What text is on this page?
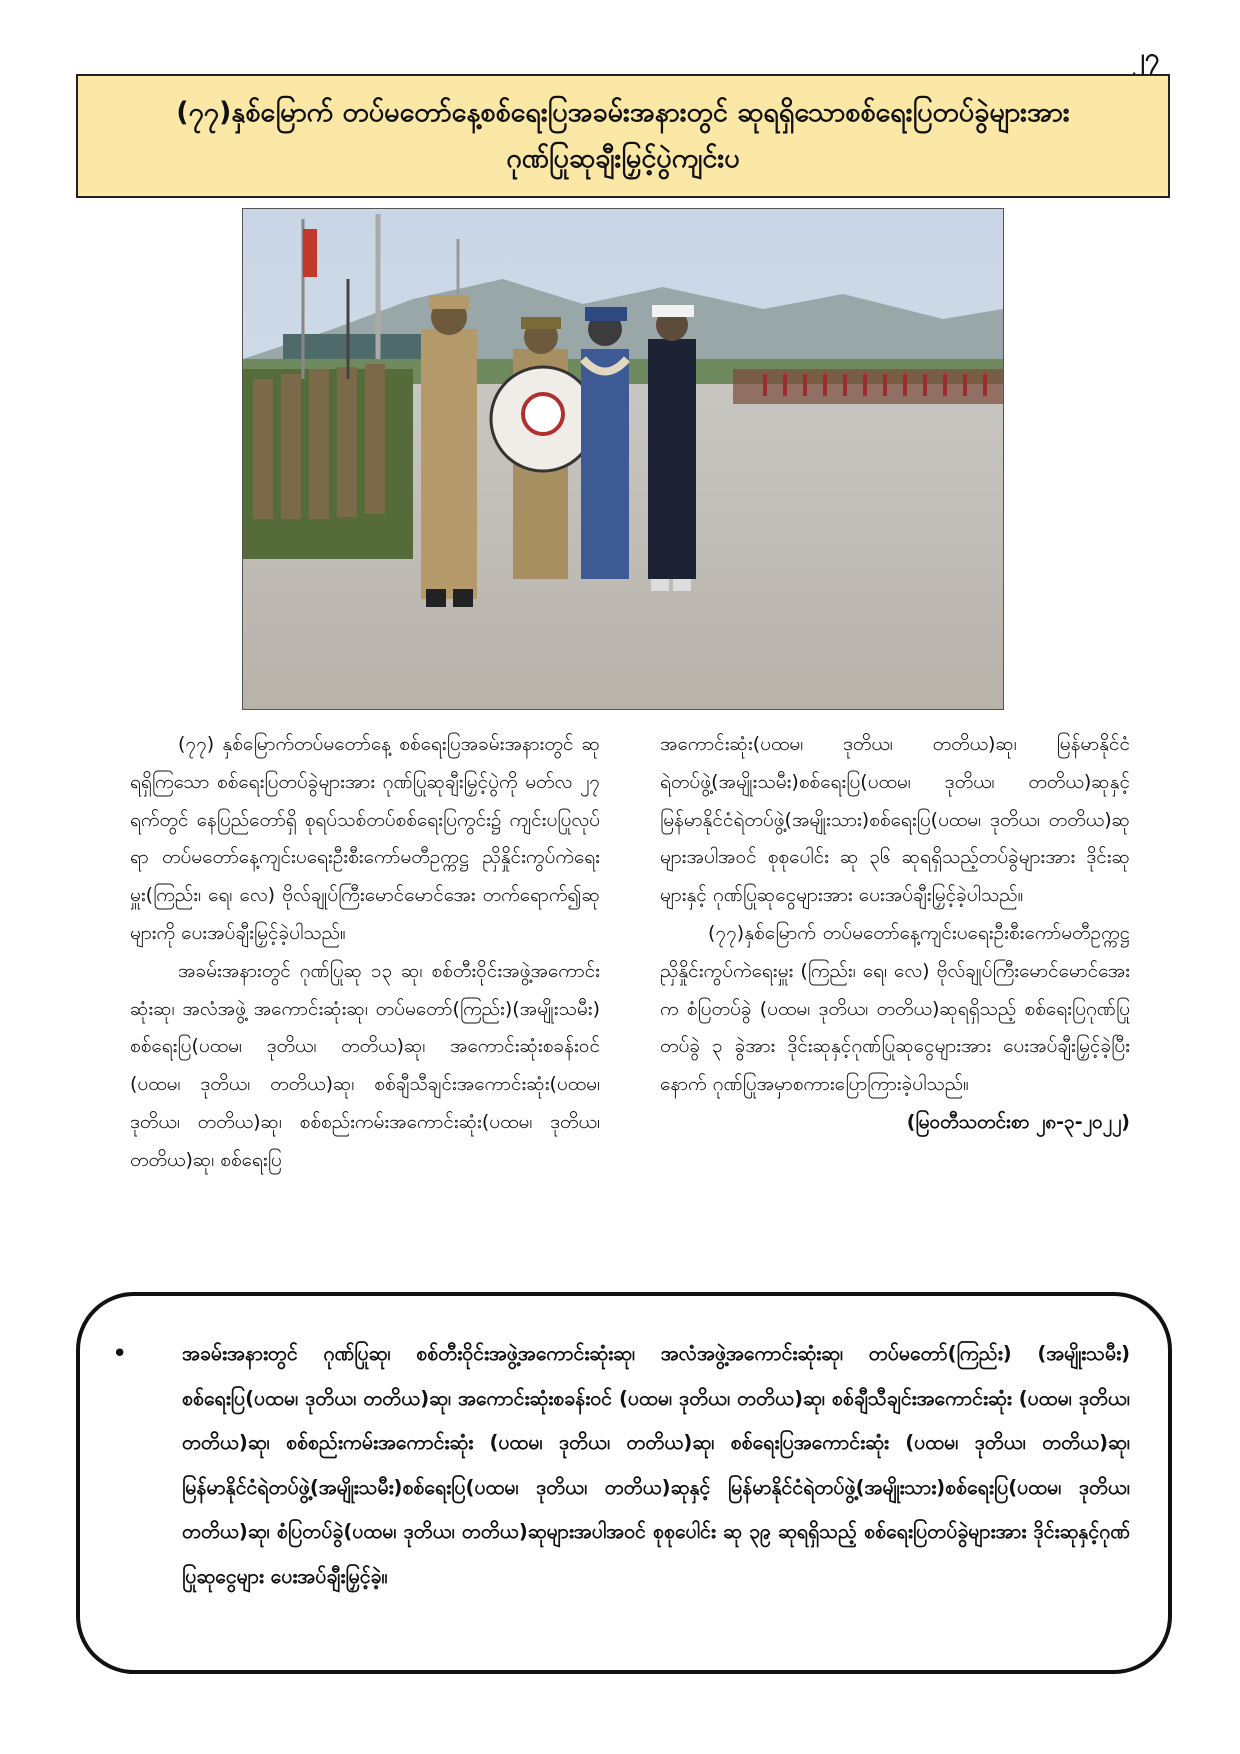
၂၇
(၇၇)နှစ်မြောက် တပ်မတော်နေ့စစ်ရေးပြအခမ်းအနားတွင် ဆုရရှိသောစစ်ရေးပြတပ်ခွဲများအား
ဂုဏ်ပြုဆုချီးမြှင့်ပွဲကျင်းပ

(၇၇) နှစ်မြောက်တပ်မတော်နေ့ စစ်ရေးပြအခမ်းအနားတွင် ဆုရရှိကြသော စစ်ရေးပြတပ်ခွဲများအား ဂုဏ်ပြုဆုချီးမြှင့်ပွဲကို မတ်လ ၂၇ ရက်တွင် နေပြည်တော်ရှိ စုရပ်သစ်တပ်စစ်ရေးပြကွင်း၌ ကျင်းပပြုလုပ်ရာ တပ်မတော်နေ့ကျင်းပရေးဦးစီးကော်မတီဥက္ကဋ္ဌ ညှိနှိုင်းကွပ်ကဲရေးမှူး(ကြည်း၊ ရေ၊ လေ) ဗိုလ်ချုပ်ကြီးမောင်မောင်အေး တက်ရောက်၍ဆုများကို ပေးအပ်ချီးမြှင့်ခဲ့ပါသည်။

အခမ်းအနားတွင် ဂုဏ်ပြုဆု ၁၃ ဆု၊ စစ်တီးဝိုင်းအဖွဲ့အကောင်းဆုံးဆု၊ အလံအဖွဲ့ အကောင်းဆုံးဆု၊ တပ်မတော်(ကြည်း)(အမျိုးသမီး) စစ်ရေးပြ(ပထမ၊ ဒုတိယ၊ တတိယ)ဆု၊ အကောင်းဆုံးစခန်းဝင် (ပထမ၊ ဒုတိယ၊ တတိယ)ဆု၊ စစ်ချီသီချင်းအကောင်းဆုံး(ပထမ၊ ဒုတိယ၊ တတိယ)ဆု၊ စစ်စည်းကမ်းအကောင်းဆုံး(ပထမ၊ ဒုတိယ၊ တတိယ)ဆု၊ စစ်ရေးပြ

အကောင်းဆုံး(ပထမ၊ ဒုတိယ၊ တတိယ)ဆု၊ မြန်မာနိုင်ငံရဲတပ်ဖွဲ့(အမျိုးသမီး)စစ်ရေးပြ(ပထမ၊ ဒုတိယ၊ တတိယ)ဆုနှင့် မြန်မာနိုင်ငံရဲတပ်ဖွဲ့(အမျိုးသား)စစ်ရေးပြ(ပထမ၊ ဒုတိယ၊ တတိယ)ဆုများအပါအဝင် စုစုပေါင်း ဆု ၃၆ ဆုရရှိသည့်တပ်ခွဲများအား ဒိုင်းဆုများနှင့် ဂုဏ်ပြုဆုငွေများအား ပေးအပ်ချီးမြှင့်ခဲ့ပါသည်။

(၇၇)နှစ်မြောက် တပ်မတော်နေ့ကျင်းပရေးဦးစီးကော်မတီဥက္ကဋ္ဌ ညှိနှိုင်းကွပ်ကဲရေးမှူး (ကြည်း၊ ရေ၊ လေ) ဗိုလ်ချုပ်ကြီးမောင်မောင်အေးက စံပြတပ်ခွဲ (ပထမ၊ ဒုတိယ၊ တတိယ)ဆုရရှိသည့် စစ်ရေးပြဂုဏ်ပြုတပ်ခွဲ ၃ ခွဲအား ဒိုင်းဆုနှင့်ဂုဏ်ပြုဆုငွေများအား ပေးအပ်ချီးမြှင့်ခဲ့ပြီးနောက် ဂုဏ်ပြုအမှာစကားပြောကြားခဲ့ပါသည်။

(မြဝတီသတင်းစာ ၂၈-၃-၂၀၂၂)

•	အခမ်းအနားတွင် ဂုဏ်ပြုဆု၊ စစ်တီးဝိုင်းအဖွဲ့အကောင်းဆုံးဆု၊ အလံအဖွဲ့အကောင်းဆုံးဆု၊ တပ်မတော်(ကြည်း) (အမျိုးသမီး) စစ်ရေးပြ(ပထမ၊ ဒုတိယ၊ တတိယ)ဆု၊ အကောင်းဆုံးစခန်းဝင် (ပထမ၊ ဒုတိယ၊ တတိယ)ဆု၊ စစ်ချီသီချင်းအကောင်းဆုံး (ပထမ၊ ဒုတိယ၊ တတိယ)ဆု၊ စစ်စည်းကမ်းအကောင်းဆုံး (ပထမ၊ ဒုတိယ၊ တတိယ)ဆု၊ စစ်ရေးပြအကောင်းဆုံး (ပထမ၊ ဒုတိယ၊ တတိယ)ဆု၊ မြန်မာနိုင်ငံရဲတပ်ဖွဲ့(အမျိုးသမီး)စစ်ရေးပြ(ပထမ၊ ဒုတိယ၊ တတိယ)ဆုနှင့် မြန်မာနိုင်ငံရဲတပ်ဖွဲ့(အမျိုးသား)စစ်ရေးပြ(ပထမ၊ ဒုတိယ၊ တတိယ)ဆု၊ စံပြတပ်ခွဲ(ပထမ၊ ဒုတိယ၊ တတိယ)ဆုများအပါအဝင် စုစုပေါင်း ဆု ၃၉ ဆုရရှိသည့် စစ်ရေးပြတပ်ခွဲများအား ဒိုင်းဆုနှင့်ဂုဏ်ပြုဆုငွေများ ပေးအပ်ချီးမြှင့်ခဲ့။
